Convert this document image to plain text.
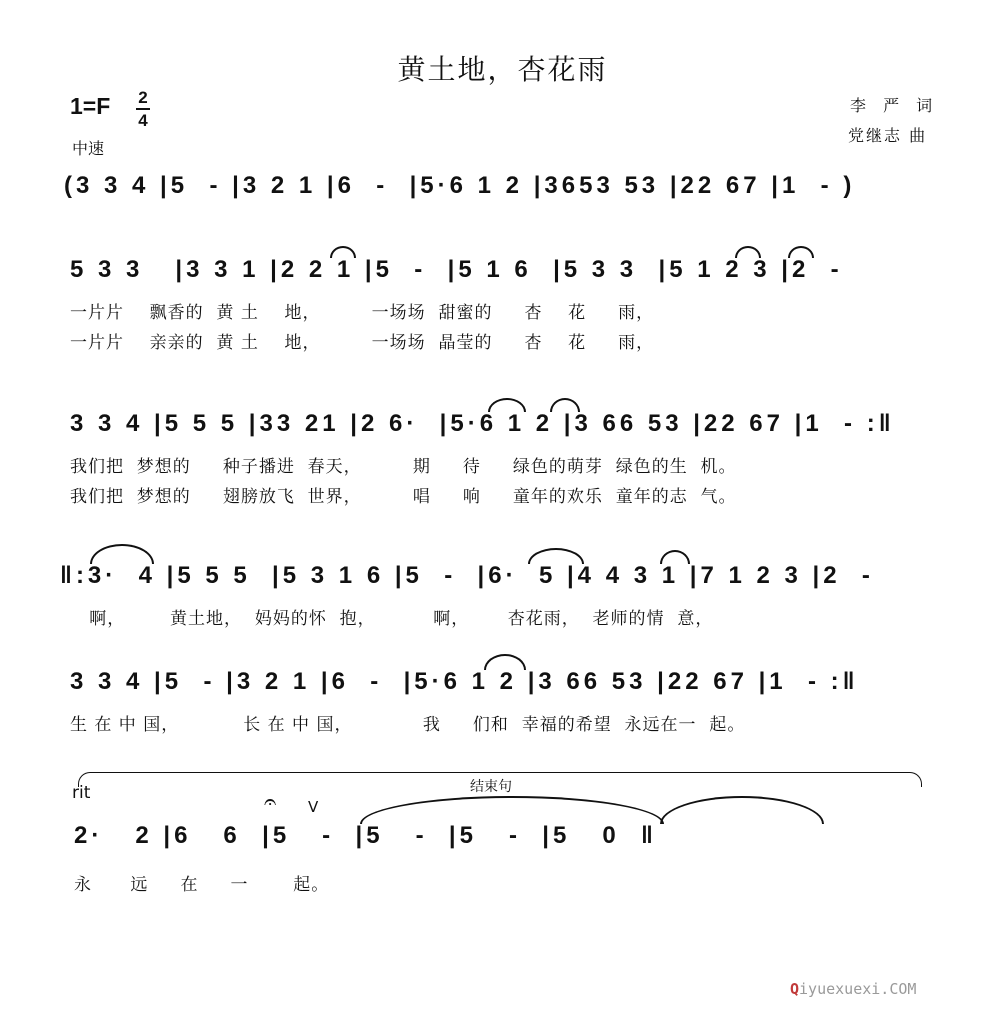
黄土地，杏花雨
1=F 2
4
中速
李 严 词
党继志 曲
(3 3 4 |5  - |3 2 1 |6  -  |5·6 1 2 |3653 53 |22 67 |1  - )
5 3 3   |3 3 1 |2 2 1 |5  -  |5 1 6  |5 3 3  |5 1 2 3 |2  -
一片片    飘香的  黄 土    地，        一场场  甜蜜的     杏    花     雨，
一片片    亲亲的  黄 土    地，        一场场  晶莹的     杏    花     雨，
3 3 4 |5 5 5 |33 21 |2 6·  |5·6 1 2 |3 66 53 |22 67 |1  - :‖
我们把  梦想的     种子播进  春天，        期     待     绿色的萌芽  绿色的生  机。
我们把  梦想的     翅膀放飞  世界，        唱     响     童年的欢乐  童年的志  气。
‖:3·  4 |5 5 5  |5 3 1 6 |5  -  |6·  5 |4 4 3 1 |7 1 2 3 |2  -
啊，       黄土地，  妈妈的怀  抱，         啊，      杏花雨，  老师的情  意，
3 3 4 |5  - |3 2 1 |6  -  |5·6 1 2 |3 66 53 |22 67 |1  - :‖
生 在 中 国，          长 在 中 国，           我     们和  幸福的希望  永远在一  起。
rit	结束句
𝄐 V
2·   2 |6   6  |5   -  |5   -  |5   -  |5   0  ‖
永      远     在     一       起。
Qiyuexuexi.COM
